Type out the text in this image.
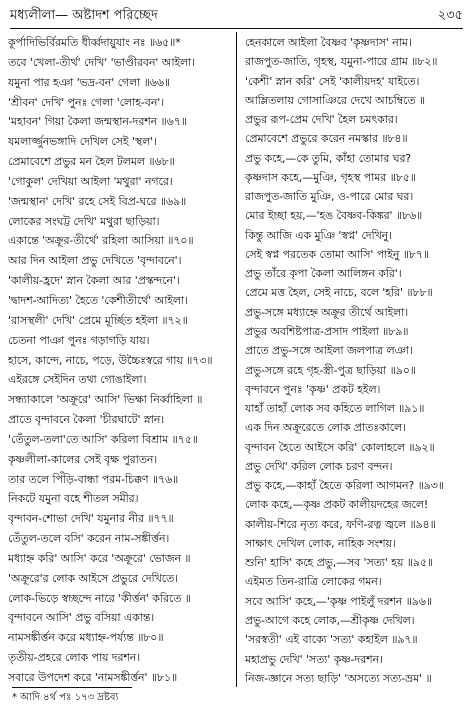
মধ্যলীলা— অষ্টাদশ পরিচ্ছেদ	২৩৫
কূর্পাদিভিৰ্বিরমতি ধীৰ্ব্বদায়ুযাং নঃ ॥৬৫॥*
তবে 'খেলা-তীর্থ' দেখি' 'ভাণ্ডীরবন' আইলা।
যমুনা পার হঞা 'ভদ্র-বন' গেলা ॥৬৬॥
'শ্রীবন' দেখি' পুনঃ গেলা 'লোহ-বন'।
'মহাবন' গিয়া কৈলা জন্মস্থান-দরশন ॥৬৭॥
যমলার্জ্জুনভঙ্গাদি দেখিল সেই 'স্থল'।
প্রেমাবেশে প্রভুর মন হৈল টলমল ॥৬৮॥
'গোকুল' দেখিয়া আইলা 'মথুরা' নগরে।
'জন্মস্থান' দেখি' রহে সেই বিপ্র-ঘরে ॥৬৯॥
লোকের সংঘট্ট দেখি' মথুরা ছাড়িয়া।
একান্তে 'অক্রূর-তীর্থে' রহিলা আসিয়া ॥৭০॥
আর দিন আইলা প্রভু দেখিতে 'বৃন্দাবনে'।
'কালীয়-হ্রদে' স্নান কৈলা আর 'প্রস্কন্দনে'।
'দ্বাদশ-আদিত্য' হৈতে 'কেশীতীর্থে' আইলা।
'রাসস্থলী' দেখি' প্রেমে মূর্চ্ছিত হইলা ॥৭২॥
চেতনা পাঞা পুনঃ গড়াগড়ি যায়।
হাসে, কান্দে, নাচে, পড়ে, উচ্চৈঃস্বরে গায় ॥৭৩॥
এইরঙ্গে সেইদিন তথা গোঙাইলা।
সন্ধ্যাকালে 'অক্রূরে' আসি' ভিক্ষা নির্ব্বাহিলা ॥
প্রাতে বৃন্দাবনে কৈলা 'চীরঘাটে' স্নান।
'তেঁতুল-তলা'তে আসি' করিলা বিশ্রাম ॥৭৫॥
কৃষ্ণলীলা-কালের সেই বৃক্ষ পুরাতন।
তার তলে পিঁড়ি-বান্ধা পরম-চিক্কণ ॥৭৬॥
নিকটে যমুনা বহে শীতল সমীর।
বৃন্দাবন-শোভা দেখি' যমুনার নীর ॥৭৭॥
তেঁতুল-তলে বসি' করেন নাম-সঙ্কীর্ত্তন।
মধ্যাহ্ন করি' আসি' করে 'অক্রূরে' ভোজন ॥
'অক্রূরে'র লোক আইসে প্রভুরে দেখিতে।
লোক-ভিড়ে স্বচ্ছন্দে নারে 'কীর্ত্তন' করিতে ॥
বৃন্দাবনে আসি' প্রভু বসিয়া একান্ত।
নামসঙ্কীর্ত্তন করে মধ্যাহ্ন-পর্য্যন্ত ॥৮০॥
তৃতীয়-প্রহরে লোক পায় দরশন।
সবারে উপদেশ করে 'নামসঙ্কীর্ত্তন' ॥৮১॥
হেনকালে আইলা বৈষ্ণব 'কৃষ্ণদাস' নাম।
রাজপুত-জাতি, গৃহস্থ, যমুনা-পারে গ্রাম ॥৮২॥
'কেশী' স্নান করি' সেই 'কালীয়দহ' যাইতে।
আম্লিতলায় গোসাঞিরে দেখে আচম্বিতে ॥
প্রভুর রূপ-প্রেম দেখি' হৈল চমৎকার।
প্রেমাবেশে প্রভুরে করেন নমস্কার ॥৮৪॥
প্রভু কহে,—কে তুমি, কাঁহা তোমার ঘর?
কৃষ্ণদাস কহে,—মুঞি, গৃহস্থ পামর ॥৮৫॥
রাজপুত-জাতি মুঞি, ও-পারে মোর ঘর।
মোর ইচ্ছা হয়,—'হঙ বৈষ্ণব-কিঙ্কর' ॥৮৬॥
কিন্তু আজি এক মুঞি 'স্বপ্ন' দেখিনু।
সেই স্বপ্ন পরতেক তোমা আসি' পাইনু ॥৮৭॥
প্রভু তাঁরে কৃপা কৈলা আলিঙ্গন করি'।
প্রেমে মত্ত হৈল, সেই নাচে, বলে 'হরি' ॥৮৮॥
প্রভু-সঙ্গে মধ্যাহ্নে অক্রূর তীর্থে আইলা।
প্রভুর অবশিষ্টপাত্র-প্রসাদ পাইলা ॥৮৯॥
প্রাতে প্রভু-সঙ্গে আইলা জলপাত্র লঞা।
প্রভু-সঙ্গে রহে গৃহ-স্ত্রী-পুত্র ছাড়িয়া ॥৯০॥
বৃন্দাবনে পুনঃ 'কৃষ্ণ' প্রকট হইল।
যাহাঁ তাহাঁ লোক সব কহিতে লাগিল ॥৯১॥
এক দিন অক্রূরেতে লোক প্রাতঃকালে।
বৃন্দাবন হৈতে আইসে করি' কোলাহলে ॥৯২॥
প্রভু দেখি' করিল লোক চরণ বন্দন।
প্রভু কহে,—কাহাঁ হৈতে করিলা আগমন? ॥৯৩॥
লোক কহে,—কৃষ্ণ প্রকট কালীয়দহের জলে!
কালীয়-শিরে নৃত্য করে, ফণি-রত্ন জ্বলে ॥৯৪॥
সাক্ষাৎ দেখিল লোক, নাহিক সংশয়।
শুনি' হাসি' কহে প্রভু,—সব 'সত্য' হয় ॥৯৫॥
এইমত তিন-রাত্রি লোকের গমন।
সবে আসি' কহে,—'কৃষ্ণ পাইলুঁ দরশন ॥৯৬॥
প্রভু-আগে কহে লোক,—শ্রীকৃষ্ণ দেখিল।
'সরস্বতী' এই বাক্যে 'সত্য' কহাইল ॥৯৭॥
মহাপ্রভু দেখি' 'সত্য' কৃষ্ণ-দরশন।
নিজ-জ্ঞানে সত্য ছাড়ি' 'অসত্যে সত্য-ভ্রম' ॥
* আদি ৪র্থ পঃ ১৭৩ দ্রষ্টব্য
